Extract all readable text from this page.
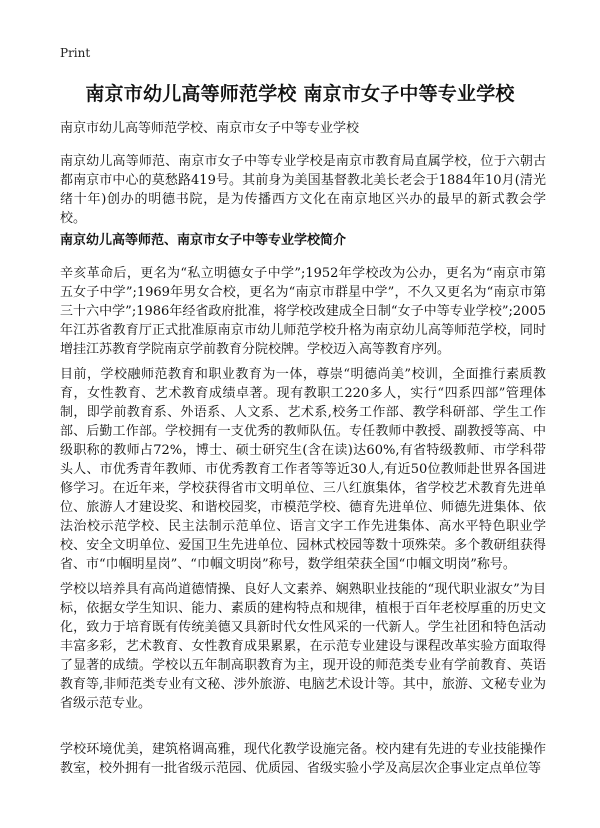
Print
南京市幼儿高等师范学校 南京市女子中等专业学校
南京市幼儿高等师范学校、南京市女子中等专业学校

南京幼儿高等师范、南京市女子中等专业学校是南京市教育局直属学校，位于六朝古都南京市中心的莫愁路419号。其前身为美国基督教北美长老会于1884年10月(清光绪十年)创办的明德书院，是为传播西方文化在南京地区兴办的最早的新式教会学校。

南京幼儿高等师范、南京市女子中等专业学校简介

辛亥革命后，更名为“私立明德女子中学”;1952年学校改为公办，更名为“南京市第五女子中学”;1969年男女合校，更名为“南京市群星中学”，不久又更名为“南京市第三十六中学”;1986年经省政府批准，将学校改建成全日制“女子中等专业学校”;2005年江苏省教育厅正式批准原南京市幼儿师范学校升格为南京幼儿高等师范学校，同时增挂江苏教育学院南京学前教育分院校牌。学校迈入高等教育序列。

目前，学校融师范教育和职业教育为一体，尊崇“明德尚美”校训，全面推行素质教育，女性教育、艺术教育成绩卓著。现有教职工220多人，实行“四系四部”管理体制，即学前教育系、外语系、人文系、艺术系,校务工作部、教学科研部、学生工作部、后勤工作部。学校拥有一支优秀的教师队伍。专任教师中教授、副教授等高、中级职称的教师占72%，博士、硕士研究生(含在读)达60%,有省特级教师、市学科带头人、市优秀青年教师、市优秀教育工作者等等近30人,有近50位教师赴世界各国进修学习。在近年来，学校获得省市文明单位、三八红旗集体，省学校艺术教育先进单位、旅游人才建设奖、和谐校园奖，市模范学校、德育先进单位、师德先进集体、依法治校示范学校、民主法制示范单位、语言文字工作先进集体、高水平特色职业学校、安全文明单位、爱国卫生先进单位、园林式校园等数十项殊荣。多个教研组获得省、市“巾帼明星岗”、“巾帼文明岗”称号，数学组荣获全国“巾帼文明岗”称号。

学校以培养具有高尚道德情操、良好人文素养、娴熟职业技能的“现代职业淑女”为目标，依据女学生知识、能力、素质的建构特点和规律，植根于百年老校厚重的历史文化，致力于培育既有传统美德又具新时代女性风采的一代新人。学生社团和特色活动丰富多彩，艺术教育、女性教育成果累累，在示范专业建设与课程改革实验方面取得了显著的成绩。学校以五年制高职教育为主，现开设的师范类专业有学前教育、英语教育等,非师范类专业有文秘、涉外旅游、电脑艺术设计等。其中，旅游、文秘专业为省级示范专业。

学校环境优美，建筑格调高雅，现代化教学设施完备。校内建有先进的专业技能操作教室，校外拥有一批省级示范园、优质园、省级实验小学及高层次企事业定点单位等
